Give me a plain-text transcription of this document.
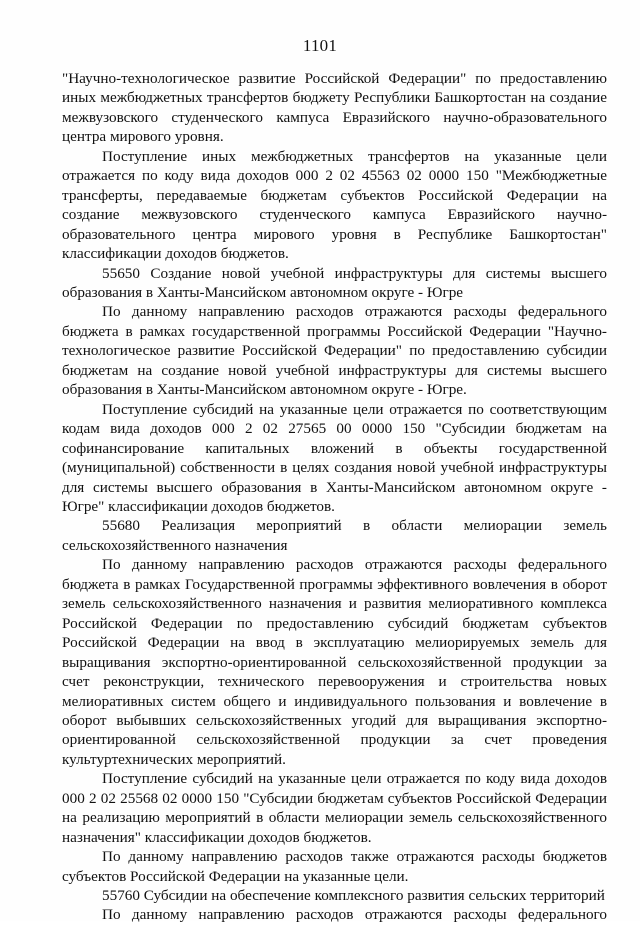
1101

"Научно-технологическое развитие Российской Федерации" по предоставлению иных межбюджетных трансфертов бюджету Республики Башкортостан на создание межвузовского студенческого кампуса Евразийского научно-образовательного центра мирового уровня.

Поступление иных межбюджетных трансфертов на указанные цели отражается по коду вида доходов 000 2 02 45563 02 0000 150 "Межбюджетные трансферты, передаваемые бюджетам субъектов Российской Федерации на создание межвузовского студенческого кампуса Евразийского научно-образовательного центра мирового уровня в Республике Башкортостан" классификации доходов бюджетов.

55650 Создание новой учебной инфраструктуры для системы высшего образования в Ханты-Мансийском автономном округе - Югре

По данному направлению расходов отражаются расходы федерального бюджета в рамках государственной программы Российской Федерации "Научно-технологическое развитие Российской Федерации" по предоставлению субсидии бюджетам на создание новой учебной инфраструктуры для системы высшего образования в Ханты-Мансийском автономном округе - Югре.

Поступление субсидий на указанные цели отражается по соответствующим кодам вида доходов 000 2 02 27565 00 0000 150 "Субсидии бюджетам на софинансирование капитальных вложений в объекты государственной (муниципальной) собственности в целях создания новой учебной инфраструктуры для системы высшего образования в Ханты-Мансийском автономном округе - Югре" классификации доходов бюджетов.

55680 Реализация мероприятий в области мелиорации земель сельскохозяйственного назначения

По данному направлению расходов отражаются расходы федерального бюджета в рамках Государственной программы эффективного вовлечения в оборот земель сельскохозяйственного назначения и развития мелиоративного комплекса Российской Федерации по предоставлению субсидий бюджетам субъектов Российской Федерации на ввод в эксплуатацию мелиорируемых земель для выращивания экспортно-ориентированной сельскохозяйственной продукции за счет реконструкции, технического перевооружения и строительства новых мелиоративных систем общего и индивидуального пользования и вовлечение в оборот выбывших сельскохозяйственных угодий для выращивания экспортно-ориентированной сельскохозяйственной продукции за счет проведения культуртехнических мероприятий.

Поступление субсидий на указанные цели отражается по коду вида доходов 000 2 02 25568 02 0000 150 "Субсидии бюджетам субъектов Российской Федерации на реализацию мероприятий в области мелиорации земель сельскохозяйственного назначения" классификации доходов бюджетов.

По данному направлению расходов также отражаются расходы бюджетов субъектов Российской Федерации на указанные цели.

55760 Субсидии на обеспечение комплексного развития сельских территорий

По данному направлению расходов отражаются расходы федерального
